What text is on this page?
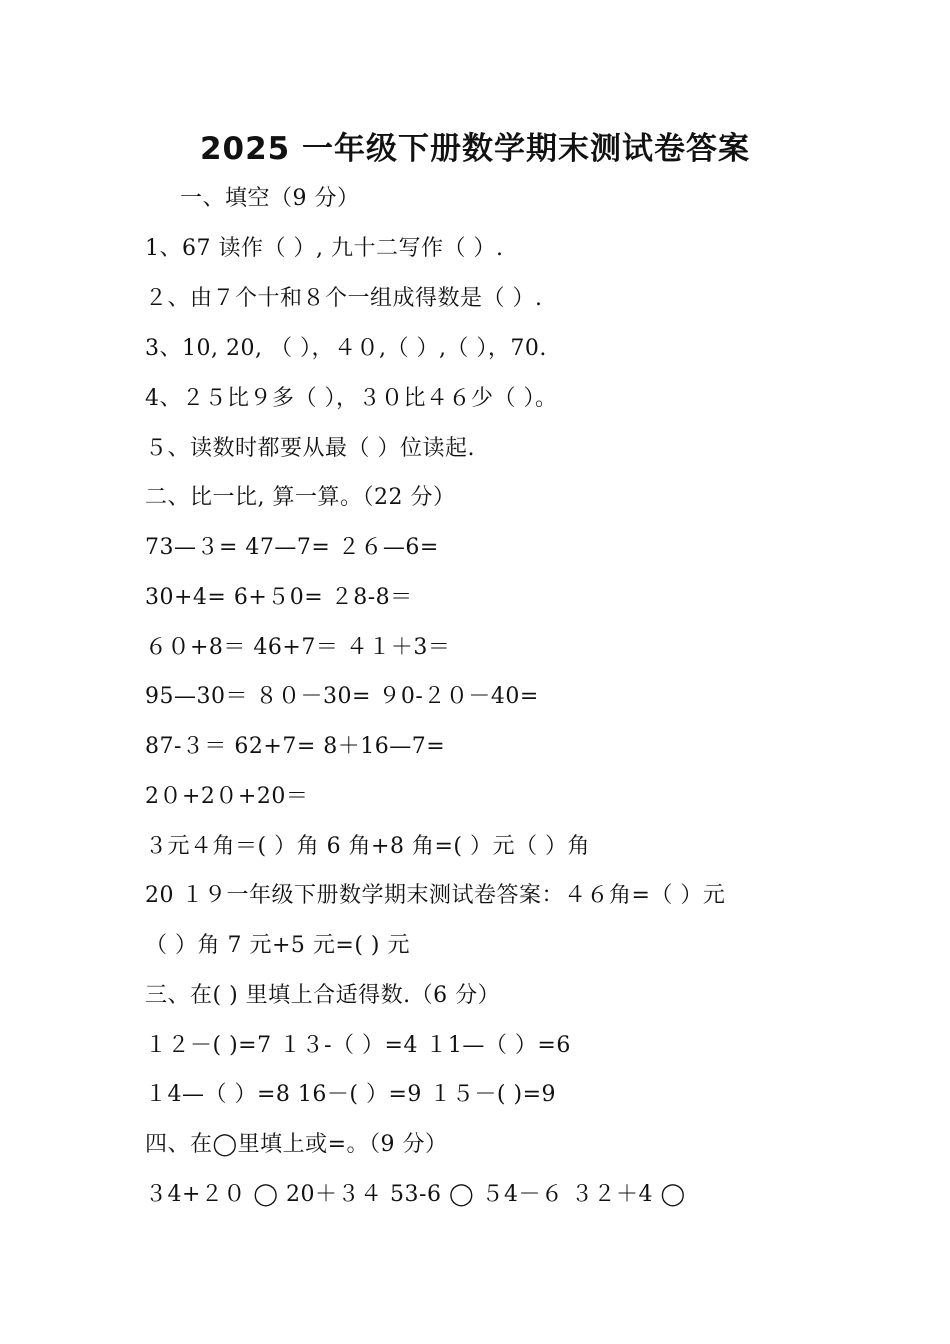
2025 一年级下册数学期末测试卷答案

一、填空（9 分）

1、67 读作（ ）, 九十二写作（ ）.

２、由７个十和８个一组成得数是（ ）.

3、10, 20, （ ），４０,（ ）,（ ），70.

4、２５比９多（ ），３０比４６少（ ）。

５、读数时都要从最（ ）位读起.

二、比一比, 算一算。（22 分）

73—３= 47—7= ２６—6=

30+4= 6+５0= ２8-8＝

６０+8＝ 46+7＝ ４１＋3＝

95—30＝ ８０－30= ９0-２０－40=

87-３＝ 62+7= 8＋16—7=

2０+2０+20＝

３元４角＝( ）角 6 角+8 角=( ）元（ ）角

20 １９一年级下册数学期末测试卷答案：４６角=（ ）元

（ ）角 7 元+5 元=( ) 元

三、在( ) 里填上合适得数.（6 分）

１２－( )=7 １３-（ ）=4 １1—（ ）=6

１4—（ ）=8 16－( ）=9 １５－( )=9

四、在◯里填上或=。（9 分）

３4+２０ ◯ 20＋３４ 53-6 ◯ ５4－６ ３２＋4 ◯
